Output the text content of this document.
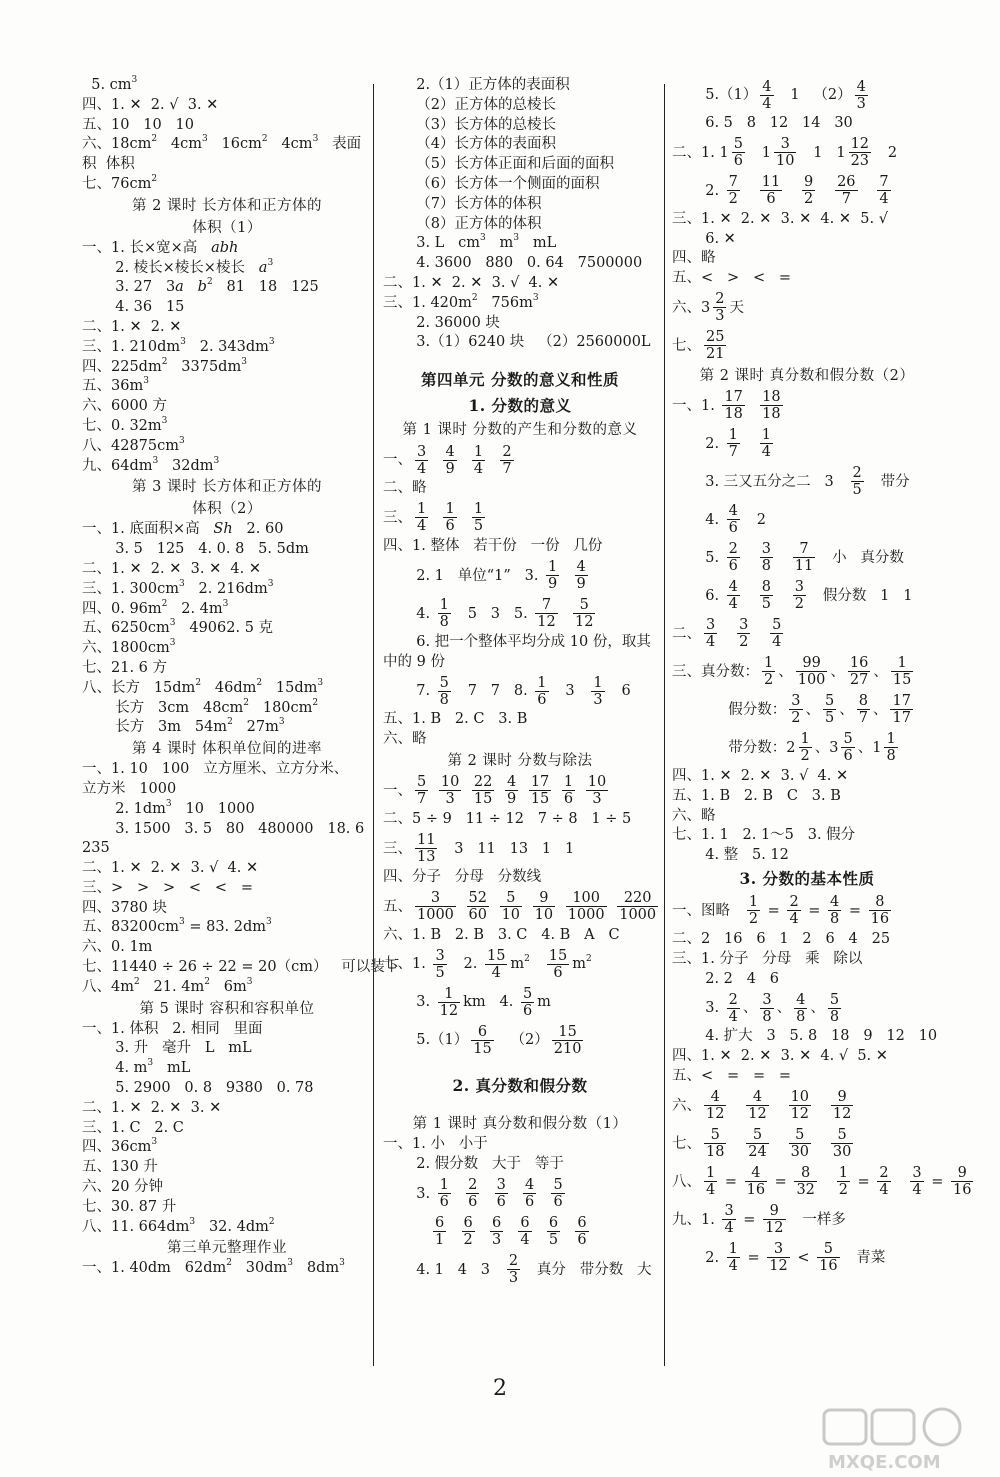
5. $cm^3$
四、1. ✕  2. √  3. ✕
五、10   10   10
六、$18cm^2$   $4cm^3$   $16cm^2$   $4cm^3$   表面
积  体积
七、$76cm^2$
第 2 课时 长方体和正方体的
体积（1）
一、1. 长×宽×高   abh
2. 棱长×棱长×棱长   $a^3$
3. 27   3a $b^2$   81   18   125
4. 36   15
二、1. ✕  2. ✕
三、1. $210dm^3$   2. $343dm^3$
四、$225dm^2$   $3375dm^3$
五、$36m^3$
六、6000 方
七、0. $32m^3$
八、$42875cm^3$
九、$64dm^3$   $32dm^3$
第 3 课时 长方体和正方体的
体积（2）
一、1. 底面积×高   Sh   2. 60
3. 5   125   4. 0. 8   5. 5dm
二、1. ✕  2. ✕  3. ✕  4. ✕
三、1. $300cm^3$   2. $216dm^3$
四、0. $96m^2$   2. $4m^3$
五、$6250cm^3$   49062. 5 克
六、$1800cm^3$
七、21. 6 方
八、长方   $15dm^2$   $46dm^2$   $15dm^3$
长方   3cm   $48cm^2$   $180cm^2$
长方   3m   $54m^2$   $27m^3$
第 4 课时 体积单位间的进率
一、1. 10   100   立方厘米、立方分米、
立方米   1000
2. $1dm^3$   10   1000
3. 1500   3. 5   80   480000   18. 6
235
二、1. ✕  2. ✕  3. √  4. ✕
三、>   >   >   <   <   =
四、3780 块
五、$83200cm^3 = 83$. $2dm^3$
六、0. 1m
七、11440 ÷ 26 ÷ 22 = 20（cm）   可以装下
八、$4m^2$   21. $4m^2$   $6m^3$
第 5 课时 容积和容积单位
一、1. 体积   2. 相同   里面
3. 升   毫升   L   mL
4. $m^3$   mL
5. 2900   0. 8   9380   0. 78
二、1. ✕  2. ✕  3. ✕
三、1. C   2. C
四、$36cm^3$
五、130 升
六、20 分钟
七、30. 87 升
八、11. $664dm^3$   32. $4dm^2$
第三单元整理作业
一、1. 40dm   $62dm^2$   $30dm^3$   $8dm^3$
2.（1）正方体的表面积
（2）正方体的总棱长
（3）长方体的总棱长
（4）长方体的表面积
（5）长方体正面和后面的面积
（6）长方体一个侧面的面积
（7）长方体的体积
（8）正方体的体积
3. L   $cm^3$   $m^3$   mL
4. 3600   880   0. 64   7500000
二、1. ✕  2. ✕  3. √  4. ✕
三、1. $420m^2$   $756m^3$
2. 36000 块
3.（1）6240 块   （2）2560000L
第四单元 分数的意义和性质
1. 分数的意义
第 1 课时 分数的产生和分数的意义
一、 $\frac{3}{4}$
$\frac{4}{9}$
$\frac{1}{4}$
$\frac{2}{7}$
二、略
三、 $\frac{1}{4}$
$\frac{1}{6}$
$\frac{1}{5}$
四、1. 整体   若干份   一份   几份
2. 1   单位“1”   3. $\frac{1}{9}$
$\frac{4}{9}$
4. $\frac{1}{8} 5$   3   5. $\frac{7}{12}$
$\frac{5}{12}$
6. 把一个整体平均分成 10 份，取其
中的 9 份
7. $\frac{5}{8} 7$   7   8. $\frac{1}{6} 3 \frac{1}{3} 6$
五、1. B   2. C   3. B
六、略
第 2 课时 分数与除法
一、 $\frac{5}{7}$
$\frac{10}{3}$
$\frac{22}{15}$
$\frac{4}{9}$
$\frac{17}{15}$
$\frac{1}{6}$
$\frac{10}{3}$
二、5 ÷ 9   11 ÷ 12   7 ÷ 8   1 ÷ 5
三、 $\frac{11}{13} 3$   11   13   1   1
四、分子   分母   分数线
五、 $\frac{3}{1000}$
$\frac{52}{60}$
$\frac{5}{10}$
$\frac{9}{10}$
$\frac{100}{1000}$
$\frac{220}{1000}$
六、1. B   2. B   3. C   4. B   A   C
七、1. $\frac{3}{5} 2$. $\frac{15}{4} m^2 \frac{15}{6} m^2$
3. $\frac{1}{12}$ km   4. $\frac{5}{6}$ m
$5.(1) \frac{6}{15} (2) \frac{15}{210}$
2. 真分数和假分数
第 1 课时 真分数和假分数（1）
一、1. 小   小于
2. 假分数   大于   等于
3. $\frac{1}{6}$
$\frac{2}{6}$
$\frac{3}{6}$
$\frac{4}{6}$
$\frac{5}{6}$

$\frac{6}{1}$
$\frac{6}{2}$
$\frac{6}{3}$
$\frac{6}{4}$
$\frac{6}{5}$
$\frac{6}{6}$
4. 1   4   $3 \frac{2}{3}$ 真分   带分数   大
$5.(1) \frac{4}{4} 1$   $(2) \frac{4}{3}$
6. 5   8   12   14   30
二、1. $1 \frac{5}{6} 1 \frac{3}{10} 1$   $1 \frac{12}{23} 2$
2. $\frac{7}{2}$
$\frac{11}{6}$
$\frac{9}{2}$
$\frac{26}{7}$
$\frac{7}{4}$
三、1. ✕  2. ✕  3. ✕  4. ✕  5. √
6. ✕
四、略
五、<   >   <   =
六、$3 \frac{2}{3}$ 天
七、 $\frac{25}{21}$
第 2 课时 真分数和假分数（2）
一、1. $\frac{17}{18}$
$\frac{18}{18}$
2. $\frac{1}{7}$
$\frac{1}{4}$
3. 三又五分之二   $3 \frac{2}{5}$ 带分
4. $\frac{4}{6} 2$
5. $\frac{2}{6}$
$\frac{3}{8}$
$\frac{7}{11}$ 小   真分数
6. $\frac{4}{4}$
$\frac{8}{5}$
$\frac{3}{2}$ 假分数   1   1
二、 $\frac{3}{4}$
$\frac{3}{2}$
$\frac{5}{4}$
三、真分数： $\frac{1}{2}$ 、 $\frac{99}{100}$ 、 $\frac{16}{27}$ 、 $\frac{1}{15}$
假分数： $\frac{3}{2}$ 、 $\frac{5}{5}$ 、 $\frac{8}{7}$ 、 $\frac{17}{17}$
带分数：$2 \frac{1}{2}$ 、$3 \frac{5}{6}$ 、$1 \frac{1}{8}$
四、1. ✕  2. ✕  3. √  4. ✕
五、1. B   2. B   C   3. B
六、略
七、1. 1   2. 1～5   3. 假分
4. 整   5. 12
3. 分数的基本性质
一、图略 $\frac{1}{2} = \frac{2}{4} = \frac{4}{8} = \frac{8}{16}$
二、2   16   6   1   2   6   4   25
三、1. 分子   分母   乘   除以
2. 2   4   6
3. $\frac{2}{4}$ 、 $\frac{3}{8}$ 、 $\frac{4}{8}$ 、 $\frac{5}{8}$
4. 扩大   3   5. 8   18   9   12   10
四、1. ✕  2. ✕  3. ✕  4. √  5. ✕
五、<   =   =   =
六、 $\frac{4}{12}$
$\frac{4}{12}$
$\frac{10}{12}$
$\frac{9}{12}$
七、 $\frac{5}{18}$
$\frac{5}{24}$
$\frac{5}{30}$
$\frac{5}{30}$
八、 $\frac{1}{4} = \frac{4}{16} = \frac{8}{32}$
$\frac{1}{2} = \frac{2}{4}$
$\frac{3}{4} = \frac{9}{16}$
九、1. $\frac{3}{4} = \frac{9}{12}$ 一样多
2. $\frac{1}{4} = \frac{3}{12} < \frac{5}{16}$ 青菜
2
MXQE.COM
